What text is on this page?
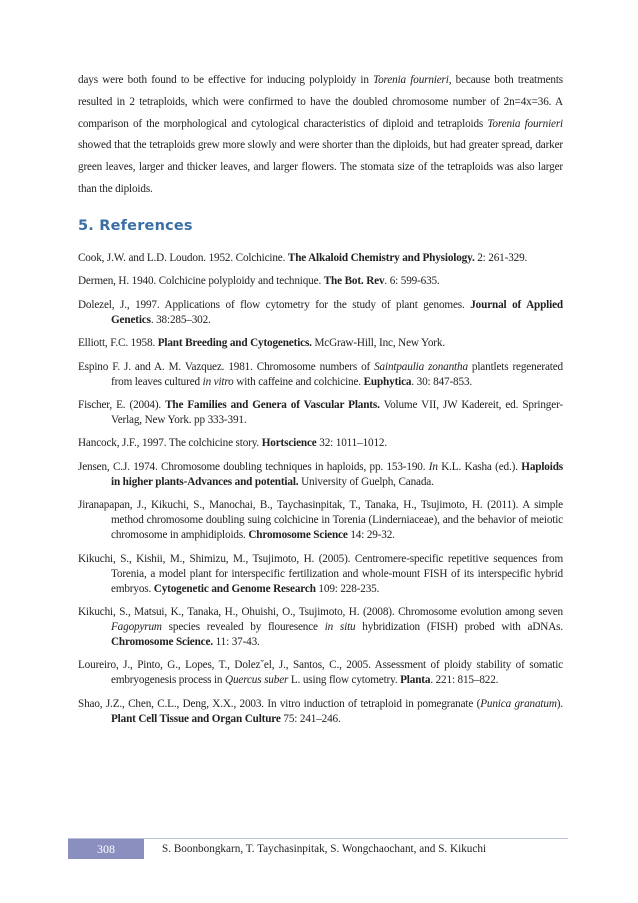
days were both found to be effective for inducing polyploidy in Torenia fournieri, because both treatments resulted in 2 tetraploids, which were confirmed to have the doubled chromosome number of 2n=4x=36. A comparison of the morphological and cytological characteristics of diploid and tetraploids Torenia fournieri showed that the tetraploids grew more slowly and were shorter than the diploids, but had greater spread, darker green leaves, larger and thicker leaves, and larger flowers. The stomata size of the tetraploids was also larger than the diploids.

5. References

Cook, J.W. and L.D. Loudon. 1952. Colchicine. The Alkaloid Chemistry and Physiology. 2: 261-329.

Dermen, H. 1940. Colchicine polyploidy and technique. The Bot. Rev. 6: 599-635.

Dolezel, J., 1997. Applications of flow cytometry for the study of plant genomes. Journal of Applied Genetics. 38:285–302.

Elliott, F.C. 1958. Plant Breeding and Cytogenetics. McGraw-Hill, Inc, New York.

Espino F. J. and A. M. Vazquez. 1981. Chromosome numbers of Saintpaulia zonantha plantlets regenerated from leaves cultured in vitro with caffeine and colchicine. Euphytica. 30: 847-853.

Fischer, E. (2004). The Families and Genera of Vascular Plants. Volume VII, JW Kadereit, ed. Springer-Verlag, New York. pp 333-391.

Hancock, J.F., 1997. The colchicine story. Hortscience 32: 1011–1012.

Jensen, C.J. 1974. Chromosome doubling techniques in haploids, pp. 153-190. In K.L. Kasha (ed.). Haploids in higher plants-Advances and potential. University of Guelph, Canada.

Jiranapapan, J., Kikuchi, S., Manochai, B., Taychasinpitak, T., Tanaka, H., Tsujimoto, H. (2011). A simple method chromosome doubling suing colchicine in Torenia (Linderniaceae), and the behavior of meiotic chromosome in amphidiploids. Chromosome Science 14: 29-32.

Kikuchi, S., Kishii, M., Shimizu, M., Tsujimoto, H. (2005). Centromere-specific repetitive sequences from Torenia, a model plant for interspecific fertilization and whole-mount FISH of its interspecific hybrid embryos. Cytogenetic and Genome Research 109: 228-235.

Kikuchi, S., Matsui, K., Tanaka, H., Ohuishi, O., Tsujimoto, H. (2008). Chromosome evolution among seven Fagopyrum species revealed by flouresence in situ hybridization (FISH) probed with aDNAs. Chromosome Science. 11: 37-43.

Loureiro, J., Pinto, G., Lopes, T., Dolez˘el, J., Santos, C., 2005. Assessment of ploidy stability of somatic embryogenesis process in Quercus suber L. using flow cytometry. Planta. 221: 815–822.

Shao, J.Z., Chen, C.L., Deng, X.X., 2003. In vitro induction of tetraploid in pomegranate (Punica granatum). Plant Cell Tissue and Organ Culture 75: 241–246.

308	S. Boonbongkarn, T. Taychasinpitak, S. Wongchaochant, and S. Kikuchi
